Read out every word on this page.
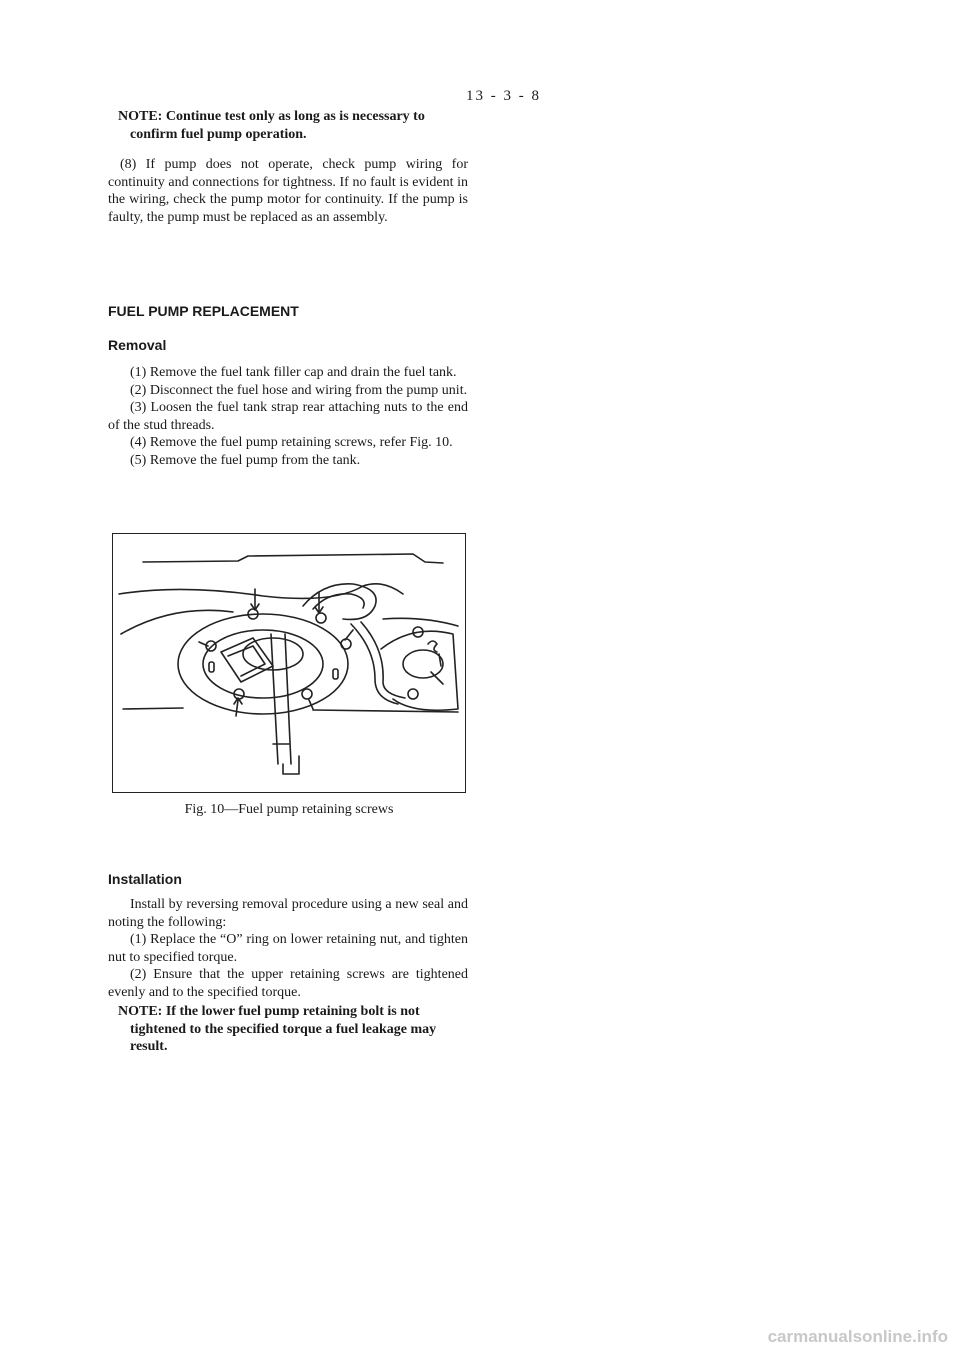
13 - 3 - 8
NOTE: Continue test only as long as is necessary to confirm fuel pump operation.
(8) If pump does not operate, check pump wiring for continuity and connections for tightness. If no fault is evident in the wiring, check the pump motor for continuity. If the pump is faulty, the pump must be replaced as an assembly.

FUEL PUMP REPLACEMENT

Removal

(1) Remove the fuel tank filler cap and drain the fuel tank.

(2) Disconnect the fuel hose and wiring from the pump unit.

(3) Loosen the fuel tank strap rear attaching nuts to the end of the stud threads.

(4) Remove the fuel pump retaining screws, refer Fig. 10.

(5) Remove the fuel pump from the tank.

Fig. 10—Fuel pump retaining screws

Installation

Install by reversing removal procedure using a new seal and noting the following:

(1) Replace the “O” ring on lower retaining nut, and tighten nut to specified torque.

(2) Ensure that the upper retaining screws are tightened evenly and to the specified torque.

NOTE: If the lower fuel pump retaining bolt is not tightened to the specified torque a fuel leakage may result.
carmanualsonline.info
